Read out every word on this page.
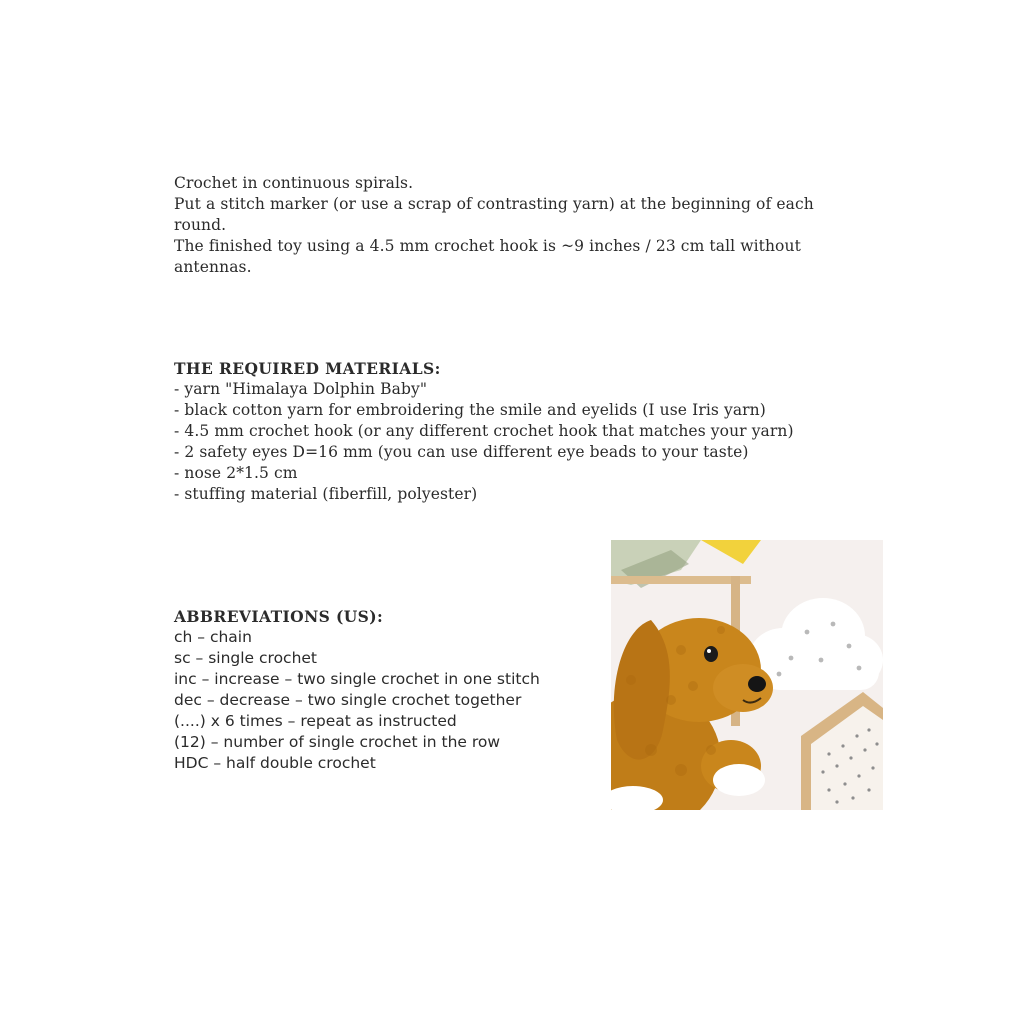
Crochet in continuous spirals.
Put a stitch marker (or use a scrap of contrasting yarn) at the beginning of each
round.
The finished toy using a 4.5 mm crochet hook is ~9 inches / 23 cm tall without
antennas.
THE REQUIRED MATERIALS:
- yarn "Himalaya Dolphin Baby"
- black cotton yarn for embroidering the smile and eyelids (I use Iris yarn)
- 4.5 mm crochet hook (or any different crochet hook that matches your yarn)
- 2 safety eyes D=16 mm (you can use different eye beads to your taste)
- nose 2*1.5 cm
- stuffing material (fiberfill, polyester)
ABBREVIATIONS (US):
ch – chain
sc – single crochet
inc – increase – two single crochet in one stitch
dec – decrease – two single crochet together
(....) x 6 times – repeat as instructed
(12) – number of single crochet in the row
HDC – half double crochet
